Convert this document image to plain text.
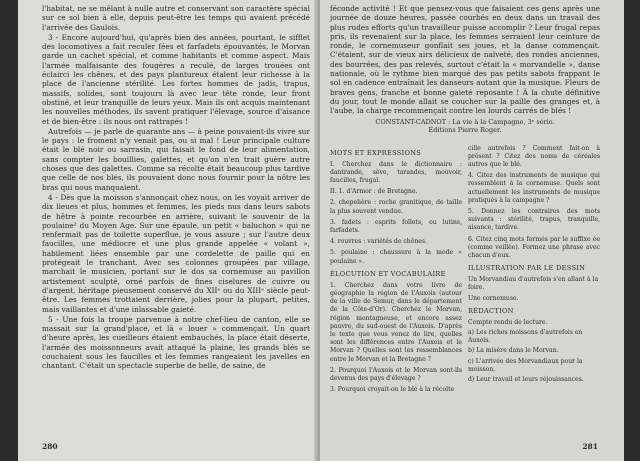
l'habitat, ne se mêlant à nulle autre et conservant son caractère spécial sur ce sol bien à elle, depuis peut-être les temps qui avaient précédé l'arrivée des Gaulois.

3 - Encore aujourd'hui, qu'après bien des années, pourtant, le sifflet des locomotives a fait reculer fées et farfadets épouvantés, le Morvan garde un cachet spécial, et comme habitants et comme aspect. Mais l'armée malfaisante des fougères a reculé, de larges trouées ont éclairci les chênes, et des pays plantureux étalent leur richesse à la place de l'ancienne stérilité. Les fortes hommes de jadis, trapus, massifs, solides, sont toujours là avec leur tête ronde, leur front obstiné, et leur tranquille de leurs yeux. Mais ils ont acquis maintenant les nouvelles méthodes, ils savent pratiquer l'élevage, source d'aisance et de bien-être : ils nous ont rattrapés !

Autrefois — je parle de quarante ans — à peine pouvaient-ils vivre sur le pays : le froment n'y venait pas, ou si mal ! Leur principale culture était le blé noir ou sarrasin, qui faisait le fond de leur alimentation, sans compter les bouillies, galettes, et qu'on n'en trait guère autre choses que des galettes. Comme sa récolte était beaucoup plus tardive que celle de nos blés, ils pouvaient donc nous fournir pour la nôtre les bras qui nous manquaient.

4 - Dès que la moisson s'annonçait chez nous, on les voyait arriver de dix lieues et plus, hommes et femmes, les pieds nus dans leurs sabots de hêtre à pointe recourbée en arrière, suivant le souvenir de la poulaine² du Moyen Age. Sur une épaule, un petit « baluchon » qui ne renfermait pas de toilette superflue, je vous assure ; sur l'autre deux faucilles, une médiocre et une plus grande appelée « volant », habilement liées ensemble par une cordelette de paille qui en protégeait le tranchant. Avec ses colonnes groupées par village, marchait le musicien, portant sur le dos sa cornemuse au pavillon artistement sculpté, orné parfois de fines ciselures de cuivre ou d'argent, héritage pieusement conservé du XIIᵉ ou du XIIIᵉ siècle peut-être. Les femmes trottaient derrière, jolies pour la plupart, petites, mais vaillantes et d'une inlassable gaieté.

5 - Une fois la troupe parvenue à notre chef-lieu de canton, elle se massait sur la grand'place, et là « louer » commençait. Un quart d'heure après, les cueilleurs étaient embauchés, la place était déserte, l'armée des moissonneurs avait attaqué la plaine, les grands blés se couchaient sous les faucilles et les femmes rangeaient les javelles en chantant. C'était un spectacle superbe de belle, de saine, de

280

féconde activité ! Et que pensez-vous que faisaient ces gens après une journée de douze heures, passée courbés en deux dans un travail des plus rudes efforts qu'un travailleur puisse accomplir ? Leur frugal repas pris, ils revenaient sur la place, les femmes serraient leur ceinture de ronde, le cornemuseur gonflait ses joues, et la danse commençait. C'étaient, sur de vieux airs délicieux de naïveté, des rondes anciennes, des bourrées, des pas relevés, surtout c'était la « morvandelle », danse nationale, où le rythme bien marqué des pas petits sabots frappant le sol en cadence entraînait les danseurs autant que la musique. Fleurs de braves gens, franche et bonne gaieté reposante ! À la chute définitive du jour, tout le monde allait se coucher sur la paille des granges et, à l'aube, la charge recommençait contre les lourds carrés de blés !

CONSTANT-CADNOT : La vie à la Campagne, 3ᵉ série.
Éditions Pierre Roger.
MOTS ET EXPRESSIONS

I. Cherchez dans le dictionnaire : dantrande, sève, tarandes, mouvoir, faucilles, frugal.

II. 1. d'Armor : de Bretagne.

2. chepelière : roche granitique, de taille la plus souvent vendue.

3. fadets : esprits follets, ou lutins, farfadets.

4. rouvres : variétés de chênes.

5. poulaine : chaussure à la mode « poulaine ».

ÉLOCUTION ET VOCABULAIRE

1. Cherchez dans votre livre de géographie la région de l'Auxois (autour de la ville de Semur, dans le département de la Côte-d'Or). Cherchez le Morvan, région montagneuse, et encore assez pauvre, du sud-ouest de l'Auxois. D'après le texte que vous venez de lire, quelles sont les différences entre l'Auxois et le Morvan ? Quelles sont les ressemblances entre le Morvan et la Bretagne ?

2. Pourquoi l'Auxois et le Morvan sont-ils devenus des pays d'élevage ?

3. Pourquoi croyait-on le blé à la récolte

cille autrefois ? Comment fait-on à présent ? Citez des noms de céréales autres que le blé.

4. Citez des instruments de musique qui ressemblent à la cornemuse. Quels sont actuellement les instruments de musique pratiqués à la campagne ?

5. Donnez les contraires des mots suivants : stérilité, trapus, tranquille, aisance, tardive.

6. Citez cinq mots formés par le suffixe ée (comme veillée). Formez une phrase avec chacun d'eux.

ILLUSTRATION PAR LE DESSIN

Un Morvandiau d'autrefois s'en allant à la foire.

Une cornemuse.

RÉDACTION

Compte rendu de lecture.

a) Les riches moissons d'autrefois en Auxois.

b) La misère dans le Morvan.

c) L'arrivée des Morvandiaux pour la moisson.

d) Leur travail et leurs réjouissances.

281
